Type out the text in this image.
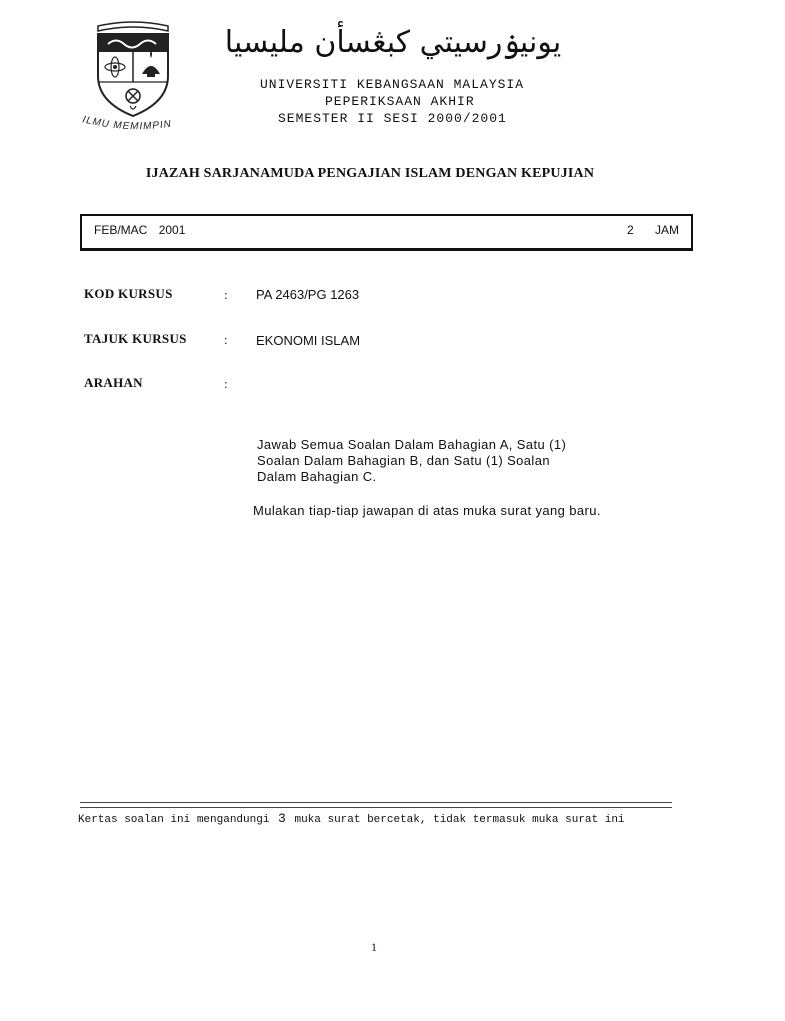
ILMU MEMIMPIN
يونيۏرسيتي كبڠسأن مليسيا
UNIVERSITI KEBANGSAAN MALAYSIA
PEPERIKSAAN AKHIR
SEMESTER II SESI 2000/2001
IJAZAH SARJANAMUDA PENGAJIAN ISLAM DENGAN KEPUJIAN
FEB/MAC 2001	2 JAM
KOD KURSUS	: PA 2463/PG 1263
TAJUK KURSUS	: EKONOMI ISLAM
ARAHAN	:
Jawab Semua Soalan Dalam Bahagian A, Satu (1)
Soalan Dalam Bahagian B, dan Satu (1) Soalan
Dalam Bahagian C.
Mulakan tiap-tiap jawapan di atas muka surat yang baru.
Kertas soalan ini mengandungi 3 muka surat bercetak, tidak termasuk muka surat ini
1
